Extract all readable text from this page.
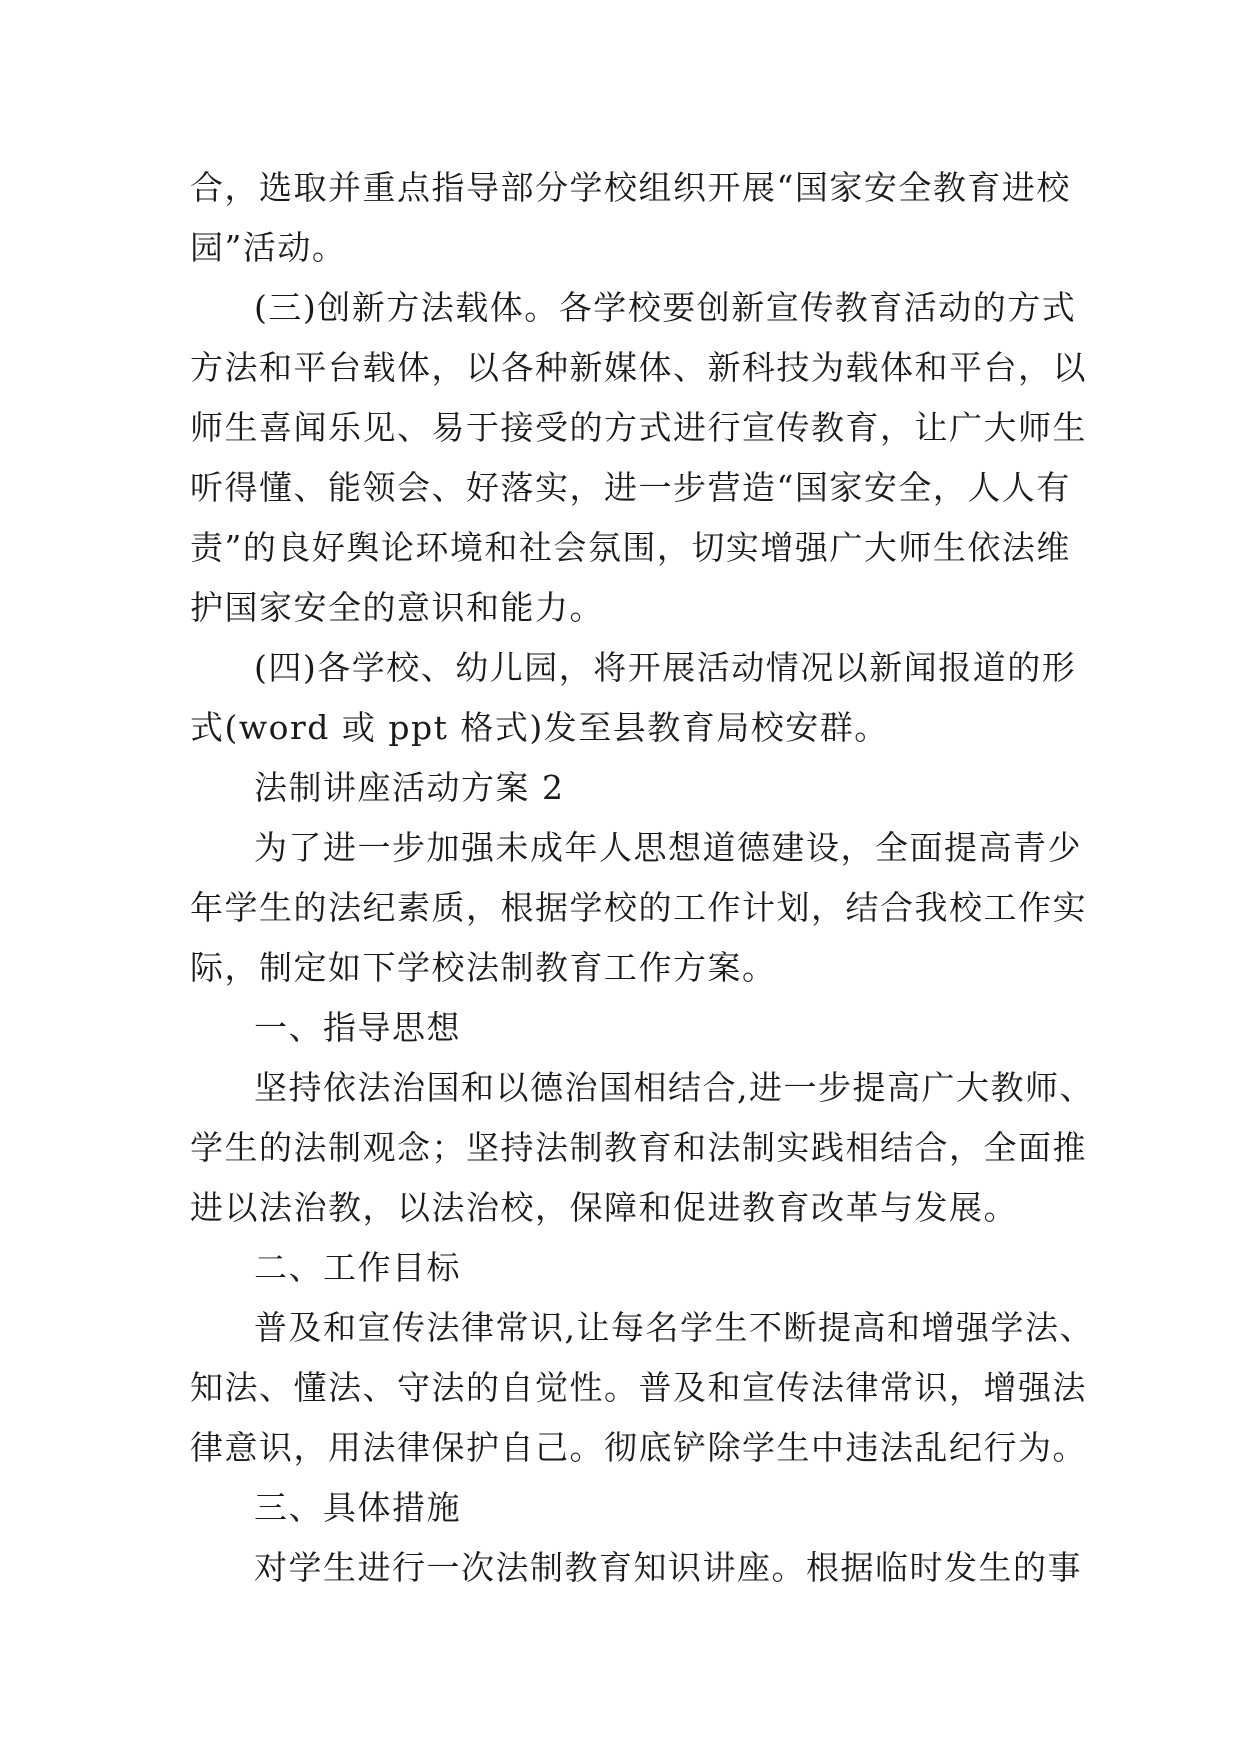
合，选取并重点指导部分学校组织开展“国家安全教育进校
园”活动。
(三)创新方法载体。各学校要创新宣传教育活动的方式
方法和平台载体，以各种新媒体、新科技为载体和平台，以
师生喜闻乐见、易于接受的方式进行宣传教育，让广大师生
听得懂、能领会、好落实，进一步营造“国家安全，人人有
责”的良好舆论环境和社会氛围，切实增强广大师生依法维
护国家安全的意识和能力。
(四)各学校、幼儿园，将开展活动情况以新闻报道的形
式(word 或 ppt 格式)发至县教育局校安群。
法制讲座活动方案 2
为了进一步加强未成年人思想道德建设，全面提高青少
年学生的法纪素质，根据学校的工作计划，结合我校工作实
际，制定如下学校法制教育工作方案。
一、指导思想
坚持依法治国和以德治国相结合,进一步提高广大教师、
学生的法制观念；坚持法制教育和法制实践相结合，全面推
进以法治教，以法治校，保障和促进教育改革与发展。
二、工作目标
普及和宣传法律常识,让每名学生不断提高和增强学法、
知法、懂法、守法的自觉性。普及和宣传法律常识，增强法
律意识，用法律保护自己。彻底铲除学生中违法乱纪行为。
三、具体措施
对学生进行一次法制教育知识讲座。根据临时发生的事
